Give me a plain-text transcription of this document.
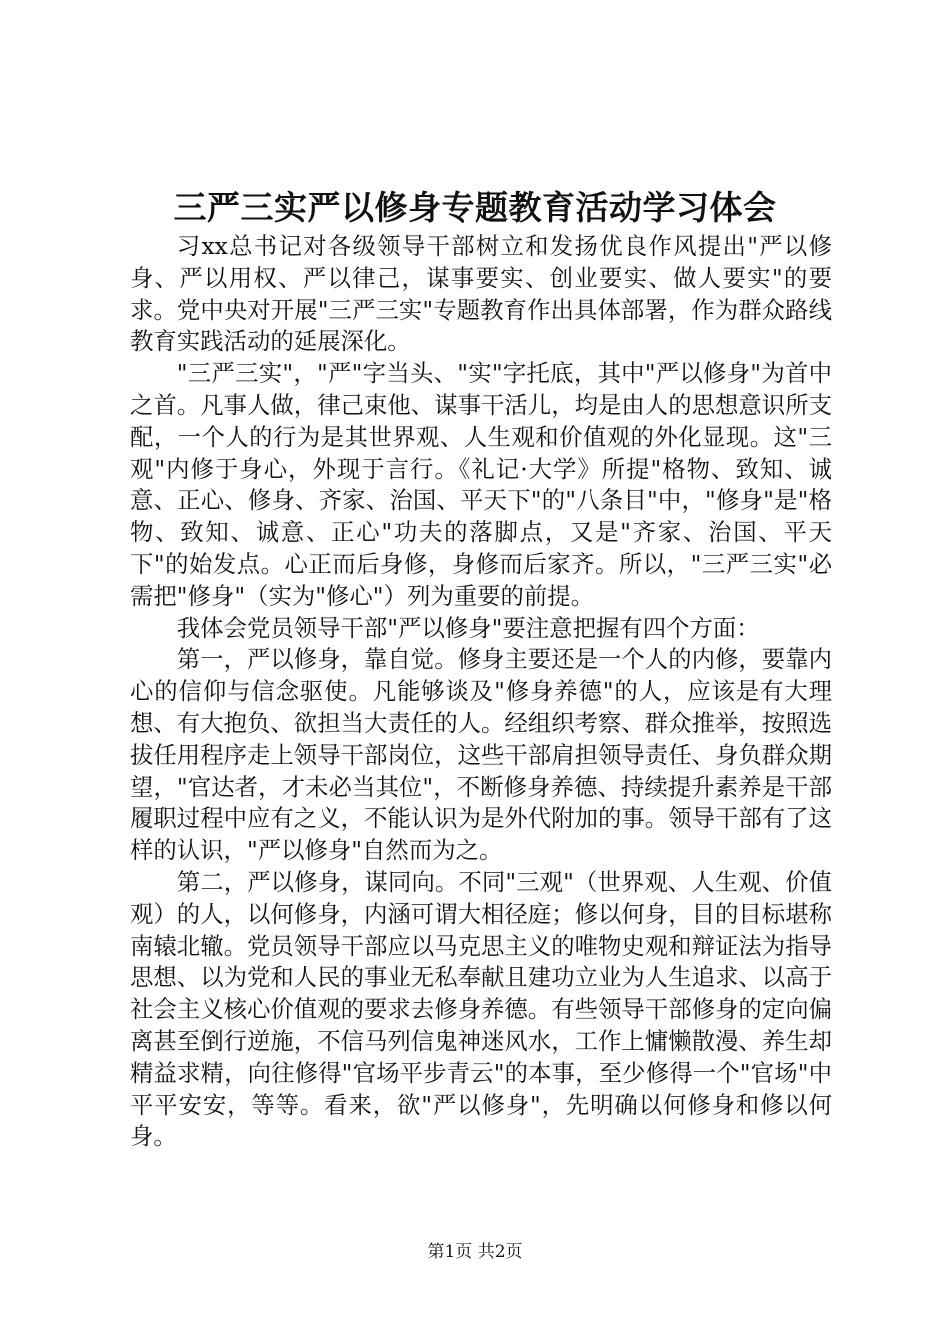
三严三实严以修身专题教育活动学习体会

习xx总书记对各级领导干部树立和发扬优良作风提出"严以修身、严以用权、严以律己，谋事要实、创业要实、做人要实"的要求。党中央对开展"三严三实"专题教育作出具体部署，作为群众路线教育实践活动的延展深化。

"三严三实"，"严"字当头、"实"字托底，其中"严以修身"为首中之首。凡事人做，律己束他、谋事干活儿，均是由人的思想意识所支配，一个人的行为是其世界观、人生观和价值观的外化显现。这"三观"内修于身心，外现于言行。《礼记·大学》所提"格物、致知、诚意、正心、修身、齐家、治国、平天下"的"八条目"中，"修身"是"格物、致知、诚意、正心"功夫的落脚点，又是"齐家、治国、平天下"的始发点。心正而后身修，身修而后家齐。所以，"三严三实"必需把"修身"（实为"修心"）列为重要的前提。

我体会党员领导干部"严以修身"要注意把握有四个方面：

第一，严以修身，靠自觉。修身主要还是一个人的内修，要靠内心的信仰与信念驱使。凡能够谈及"修身养德"的人，应该是有大理想、有大抱负、欲担当大责任的人。经组织考察、群众推举，按照选拔任用程序走上领导干部岗位，这些干部肩担领导责任、身负群众期望，"官达者，才未必当其位"，不断修身养德、持续提升素养是干部履职过程中应有之义，不能认识为是外代附加的事。领导干部有了这样的认识，"严以修身"自然而为之。

第二，严以修身，谋同向。不同"三观"（世界观、人生观、价值观）的人，以何修身，内涵可谓大相径庭；修以何身，目的目标堪称南辕北辙。党员领导干部应以马克思主义的唯物史观和辩证法为指导思想、以为党和人民的事业无私奉献且建功立业为人生追求、以高于社会主义核心价值观的要求去修身养德。有些领导干部修身的定向偏离甚至倒行逆施，不信马列信鬼神迷风水，工作上慵懒散漫、养生却精益求精，向往修得"官场平步青云"的本事，至少修得一个"官场"中平平安安，等等。看来，欲"严以修身"，先明确以何修身和修以何身。

第1页 共2页
